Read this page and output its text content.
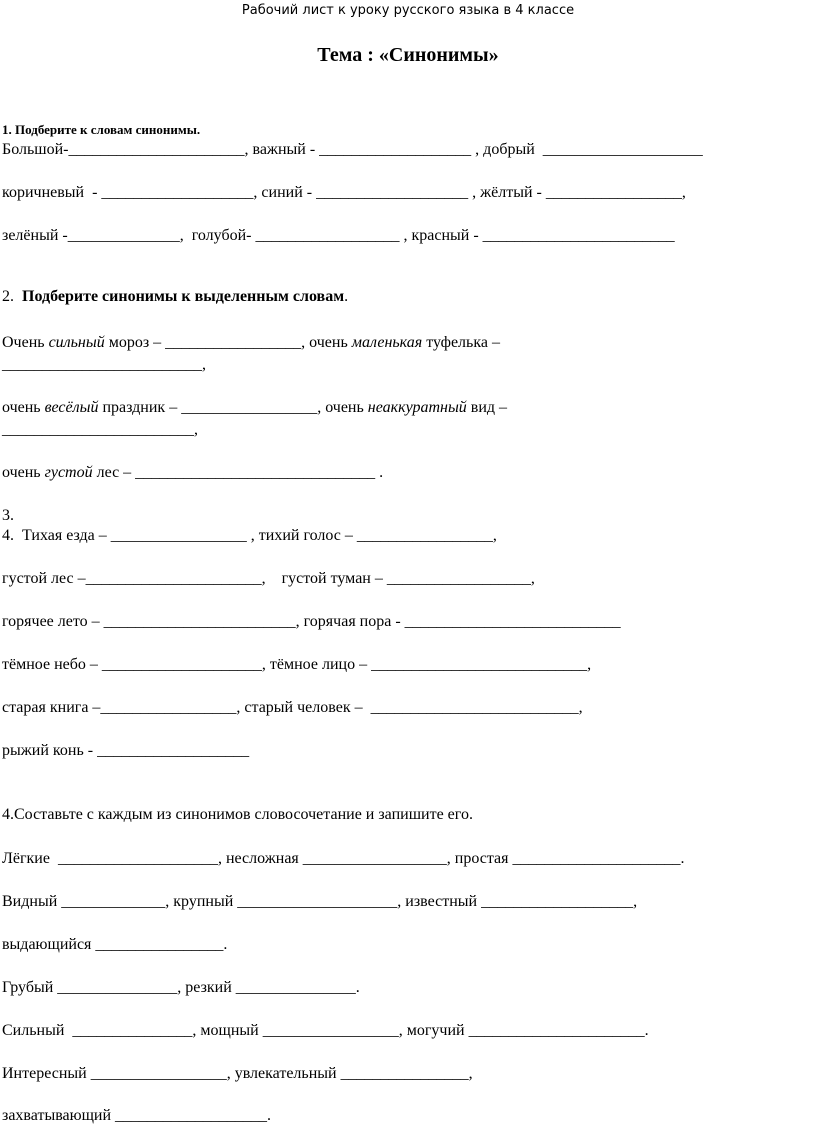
Рабочий лист к уроку русского языка в 4 классе
Тема : «Синонимы»
1. Подберите к словам синонимы.
Большой-______________________, важный - ___________________ , добрый  ____________________
коричневый  - ___________________, синий - ___________________ , жёлтый - _________________,
зелёный -______________,  голубой- __________________ , красный - ________________________
2.  Подберите синонимы к выделенным словам.
Очень сильный мороз – _________________, очень маленькая туфелька –
_________________________,
очень весёлый праздник – _________________, очень неаккуратный вид –
________________________,
очень густой лес – ______________________________ .
3.
4.  Тихая езда – _________________ , тихий голос – _________________,
густой лес –______________________,    густой туман – __________________,
горячее лето – ________________________, горячая пора - ___________________________
тёмное небо – ____________________, тёмное лицо – ___________________________,
старая книга –_________________, старый человек –  __________________________,
рыжий конь - ___________________
4.Составьте с каждым из синонимов словосочетание и запишите его.
Лёгкие  ____________________, несложная __________________, простая _____________________.
Видный _____________, крупный ____________________, известный ___________________,
выдающийся ________________.
Грубый _______________, резкий _______________.
Сильный  _______________, мощный _________________, могучий ______________________.
Интересный _________________, увлекательный ________________,
захватывающий ___________________.
